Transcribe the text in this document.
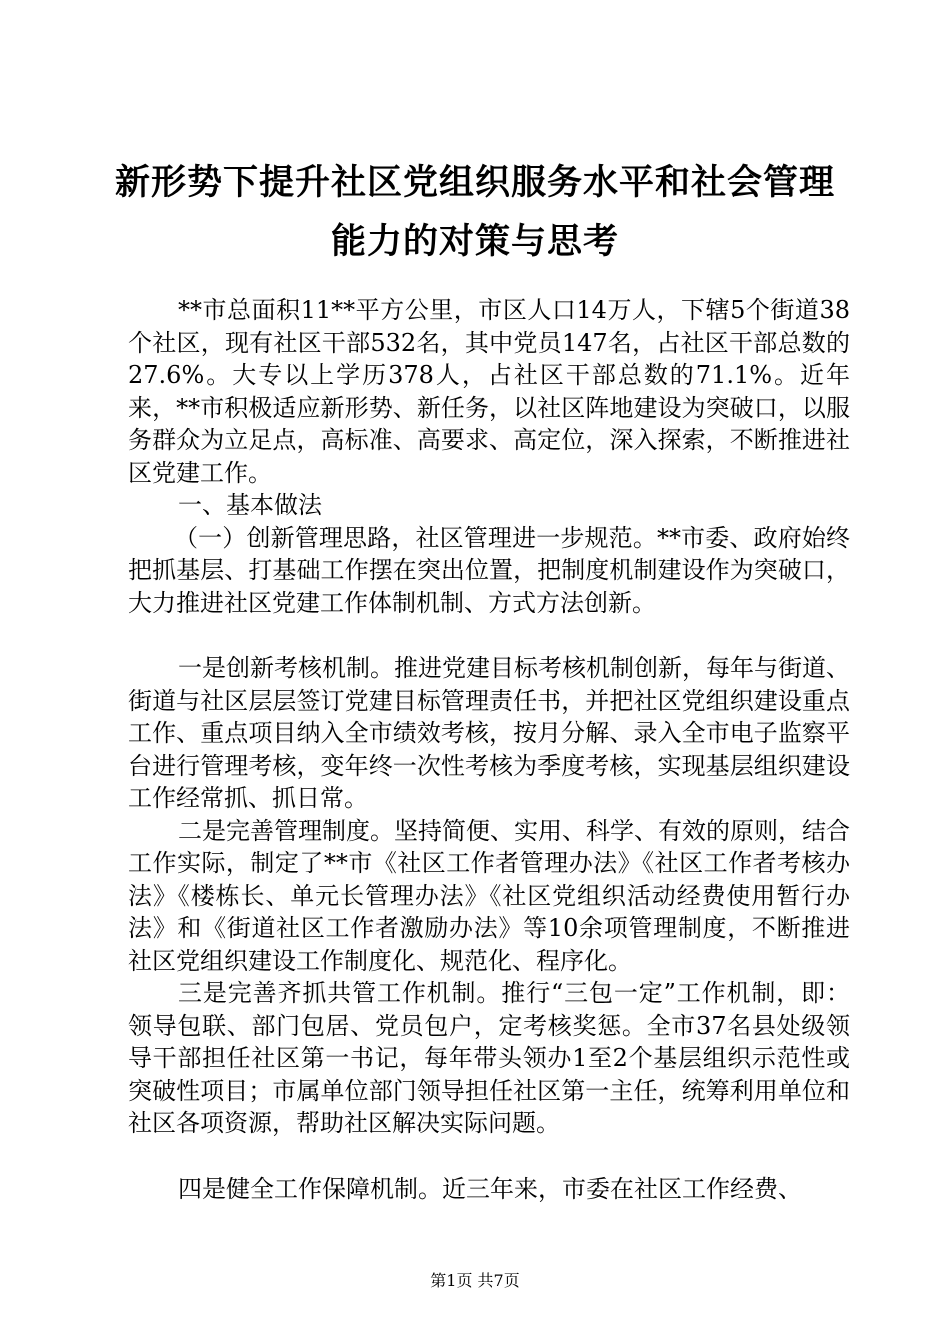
新形势下提升社区党组织服务水平和社会管理
能力的对策与思考

**市总面积11**平方公里，市区人口14万人，下辖5个街道38个社区，现有社区干部532名，其中党员147名，占社区干部总数的27.6%。大专以上学历378人，占社区干部总数的71.1%。近年来，**市积极适应新形势、新任务，以社区阵地建设为突破口，以服务群众为立足点，高标准、高要求、高定位，深入探索，不断推进社区党建工作。

一、基本做法

（一）创新管理思路，社区管理进一步规范。**市委、政府始终把抓基层、打基础工作摆在突出位置，把制度机制建设作为突破口，大力推进社区党建工作体制机制、方式方法创新。

一是创新考核机制。推进党建目标考核机制创新，每年与街道、街道与社区层层签订党建目标管理责任书，并把社区党组织建设重点工作、重点项目纳入全市绩效考核，按月分解、录入全市电子监察平台进行管理考核，变年终一次性考核为季度考核，实现基层组织建设工作经常抓、抓日常。

二是完善管理制度。坚持简便、实用、科学、有效的原则，结合工作实际，制定了**市《社区工作者管理办法》《社区工作者考核办法》《楼栋长、单元长管理办法》《社区党组织活动经费使用暂行办法》和《街道社区工作者激励办法》等10余项管理制度，不断推进社区党组织建设工作制度化、规范化、程序化。

三是完善齐抓共管工作机制。推行“三包一定”工作机制，即：领导包联、部门包居、党员包户，定考核奖惩。全市37名县处级领导干部担任社区第一书记，每年带头领办1至2个基层组织示范性或突破性项目；市属单位部门领导担任社区第一主任，统筹利用单位和社区各项资源，帮助社区解决实际问题。

四是健全工作保障机制。近三年来，市委在社区工作经费、

第1页 共7页
